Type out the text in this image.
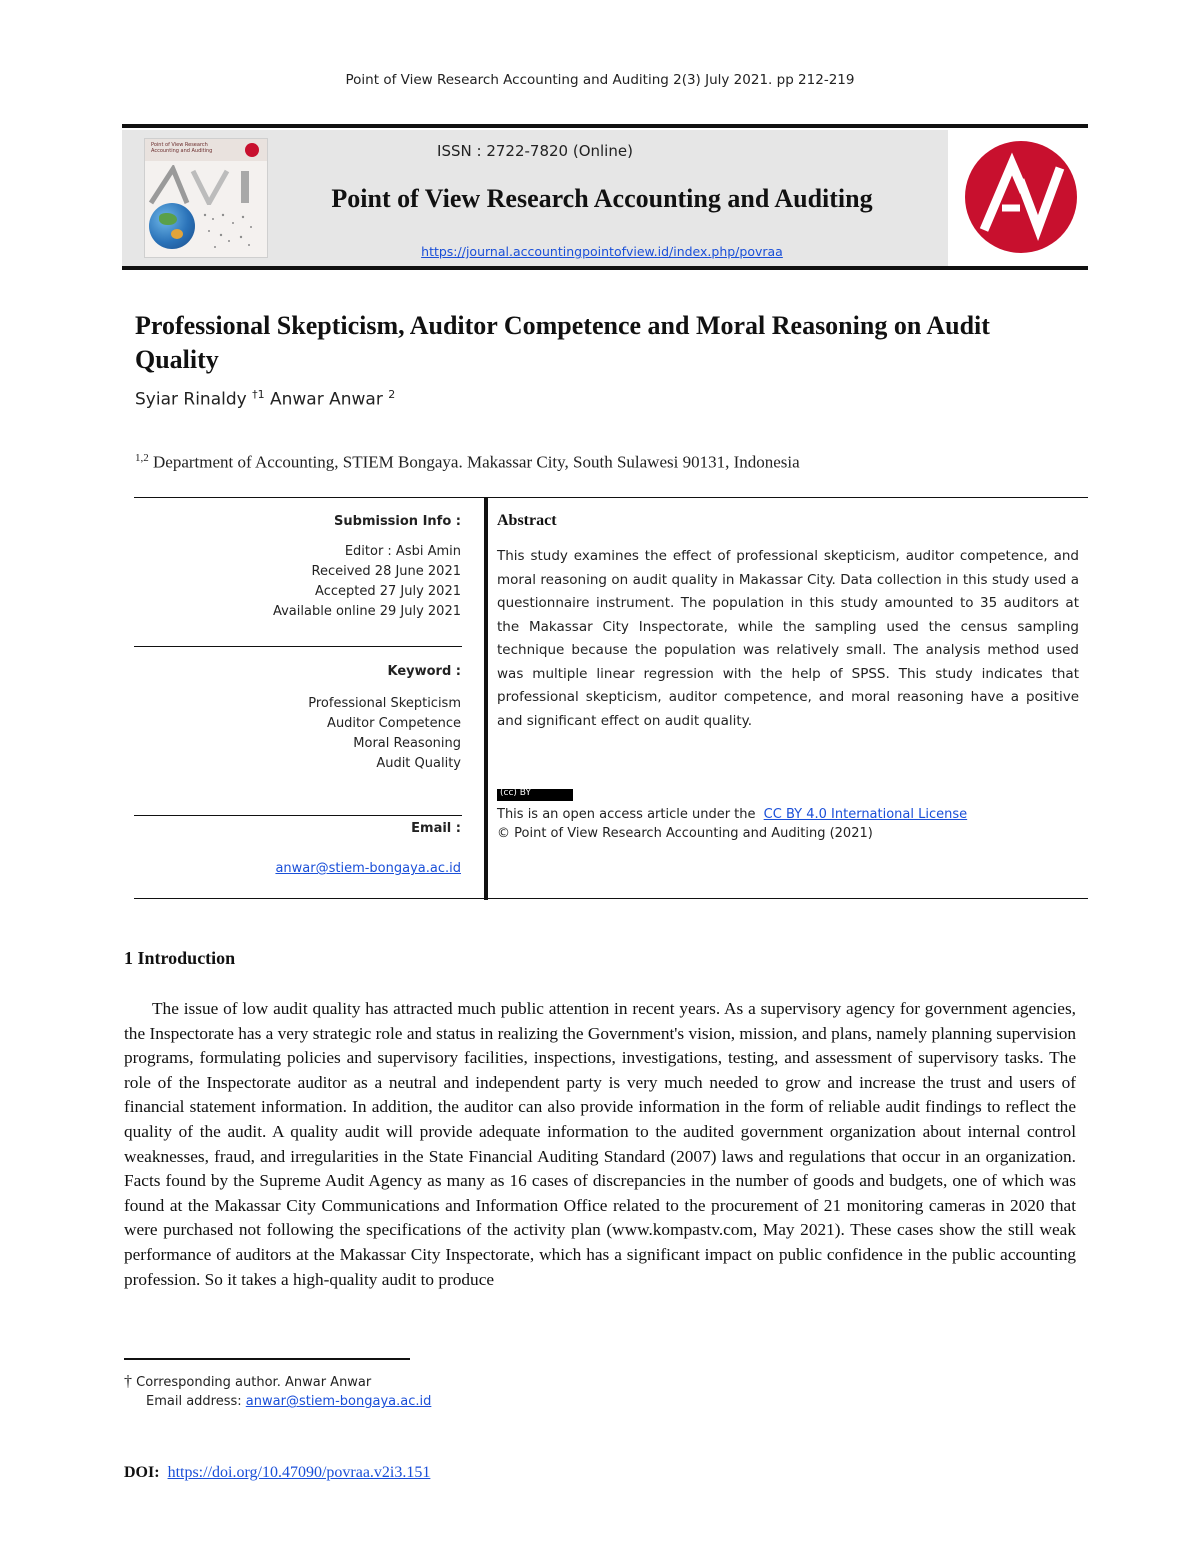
Point of View Research Accounting and Auditing 2(3) July 2021. pp 212-219
Point of View Research Accounting and Auditing	ISSN : 2722-7820 (Online)
Point of View Research Accounting and Auditing
https://journal.accountingpointofview.id/index.php/povraa
Professional Skepticism, Auditor Competence and Moral Reasoning on Audit Quality
Syiar Rinaldy $^{\dagger 1}$ Anwar Anwar $^2$
$^{1,2}$ Department of Accounting, STIEM Bongaya. Makassar City, South Sulawesi 90131, Indonesia
Submission Info :
Editor : Asbi Amin
Received 28 June 2021
Accepted 27 July 2021
Available online 29 July 2021
Keyword :
Professional Skepticism
Auditor Competence
Moral Reasoning
Audit Quality
Email :
anwar@stiem-bongaya.ac.id
Abstract
This study examines the effect of professional skepticism, auditor competence, and moral reasoning on audit quality in Makassar City. Data collection in this study used a questionnaire instrument. The population in this study amounted to 35 auditors at the Makassar City Inspectorate, while the sampling used the census sampling technique because the population was relatively small. The analysis method used was multiple linear regression with the help of SPSS. This study indicates that professional skepticism, auditor competence, and moral reasoning have a positive and significant effect on audit quality.
(cc) BY
This is an open access article under the CC BY 4.0 International License
© Point of View Research Accounting and Auditing (2021)
1 Introduction
The issue of low audit quality has attracted much public attention in recent years. As a supervisory agency for government agencies, the Inspectorate has a very strategic role and status in realizing the Government's vision, mission, and plans, namely planning supervision programs, formulating policies and supervisory facilities, inspections, investigations, testing, and assessment of supervisory tasks. The role of the Inspectorate auditor as a neutral and independent party is very much needed to grow and increase the trust and users of financial statement information. In addition, the auditor can also provide information in the form of reliable audit findings to reflect the quality of the audit. A quality audit will provide adequate information to the audited government organization about internal control weaknesses, fraud, and irregularities in the State Financial Auditing Standard (2007) laws and regulations that occur in an organization. Facts found by the Supreme Audit Agency as many as 16 cases of discrepancies in the number of goods and budgets, one of which was found at the Makassar City Communications and Information Office related to the procurement of 21 monitoring cameras in 2020 that were purchased not following the specifications of the activity plan (www.kompastv.com, May 2021). These cases show the still weak performance of auditors at the Makassar City Inspectorate, which has a significant impact on public confidence in the public accounting profession. So it takes a high-quality audit to produce
† Corresponding author. Anwar Anwar
Email address: anwar@stiem-bongaya.ac.id
DOI: https://doi.org/10.47090/povraa.v2i3.151
